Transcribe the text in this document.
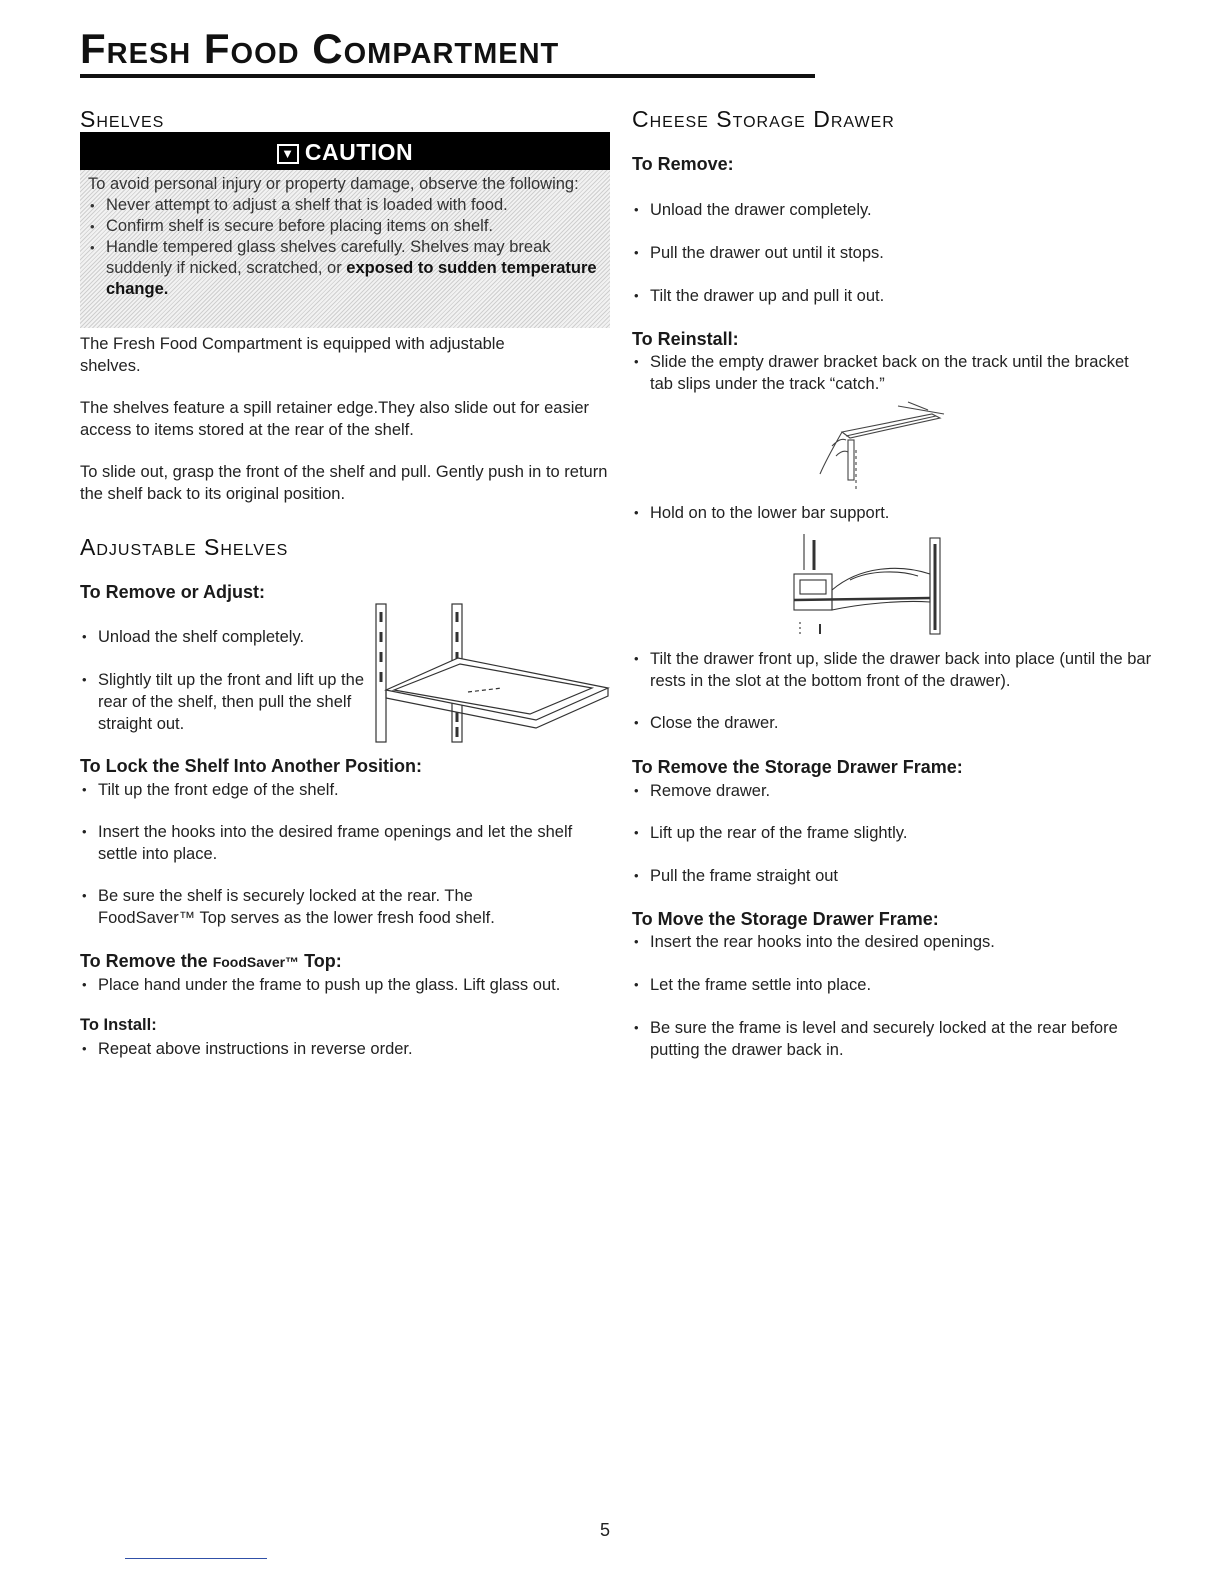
Fresh Food Compartment
Shelves
▼ CAUTION

To avoid personal injury or property damage, observe the following:

• Never attempt to adjust a shelf that is loaded with food.

• Confirm shelf is secure before placing items on shelf.

• Handle tempered glass shelves carefully. Shelves may break suddenly if nicked, scratched, or exposed to sudden temperature change.

The Fresh Food Compartment is equipped with adjustable shelves.

The shelves feature a spill retainer edge.They also slide out for easier access to items stored at the rear of the shelf.

To slide out, grasp the front of the shelf and pull. Gently push in to return the shelf back to its original position.

Adjustable Shelves
To Remove or Adjust:

• Unload the shelf completely.

• Slightly tilt up the front and lift up the rear of the shelf, then pull the shelf straight out.

To Lock the Shelf Into Another Position:

• Tilt up the front edge of the shelf.

• Insert the hooks into the desired frame openings and let the shelf settle into place.

• Be sure the shelf is securely locked at the rear. The FoodSaver™ Top serves as the lower fresh food shelf.

To Remove the FoodSaver™ Top:

• Place hand under the frame to push up the glass. Lift glass out.

To Install:

• Repeat above instructions in reverse order.

Cheese Storage Drawer
To Remove:

• Unload the drawer completely.

• Pull the drawer out until it stops.

• Tilt the drawer up and pull it out.

To Reinstall:

• Slide the empty drawer bracket back on the track until the bracket tab slips under the track “catch.”

• Hold on to the lower bar support.

• Tilt the drawer front up, slide the drawer back into place (until the bar rests in the slot at the bottom front of the drawer).

• Close the drawer.

To Remove the Storage Drawer Frame:

• Remove drawer.

• Lift up the rear of the frame slightly.

• Pull the frame straight out

To Move the Storage Drawer Frame:

• Insert the rear hooks into the desired openings.

• Let the frame settle into place.

• Be sure the frame is level and securely locked at the rear before putting the drawer back in.

5
